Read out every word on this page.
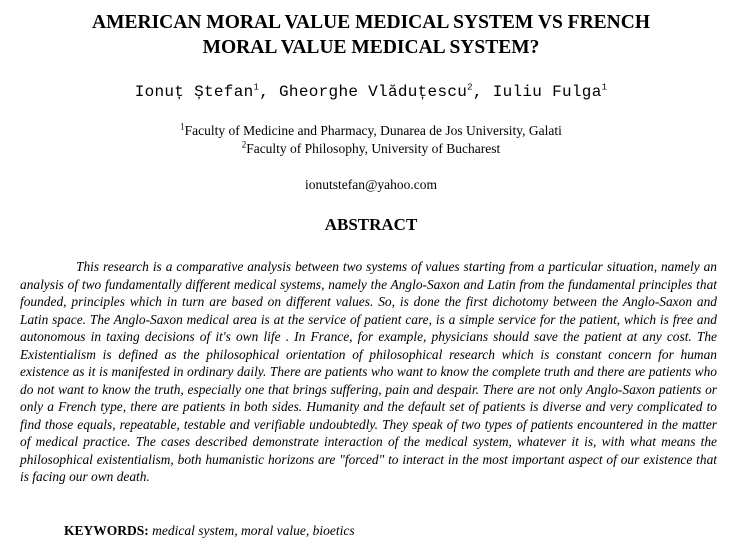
AMERICAN MORAL VALUE MEDICAL SYSTEM VS FRENCH
MORAL VALUE MEDICAL SYSTEM?
Ionuț Ștefan$^1$, Gheorghe Vlăduțescu$^2$, Iuliu Fulga$^1$
$^1$Faculty of Medicine and Pharmacy, Dunarea de Jos University, Galati
$^2$Faculty of Philosophy, University of Bucharest
ionutstefan@yahoo.com
ABSTRACT

This research is a comparative analysis between two systems of values starting from a particular situation, namely an analysis of two fundamentally different medical systems, namely the Anglo-Saxon and Latin from the fundamental principles that founded, principles which in turn are based on different values. So, is done the first dichotomy between the Anglo-Saxon and Latin space. The Anglo-Saxon medical area is at the service of patient care, is a simple service for the patient, which is free and autonomous in taxing decisions of it's own life . In France, for example, physicians should save the patient at any cost. The Existentialism is defined as the philosophical orientation of philosophical research which is constant concern for human existence as it is manifested in ordinary daily. There are patients who want to know the complete truth and there are patients who do not want to know the truth, especially one that brings suffering, pain and despair. There are not only Anglo-Saxon patients or only a French type, there are patients in both sides. Humanity and the default set of patients is diverse and very complicated to find those equals, repeatable, testable and verifiable undoubtedly. They speak of two types of patients encountered in the matter of medical practice. The cases described demonstrate interaction of the medical system, whatever it is, with what means the philosophical existentialism, both humanistic horizons are "forced" to interact in the most important aspect of our existence that is facing our own death.

KEYWORDS: medical system, moral value, bioetics
